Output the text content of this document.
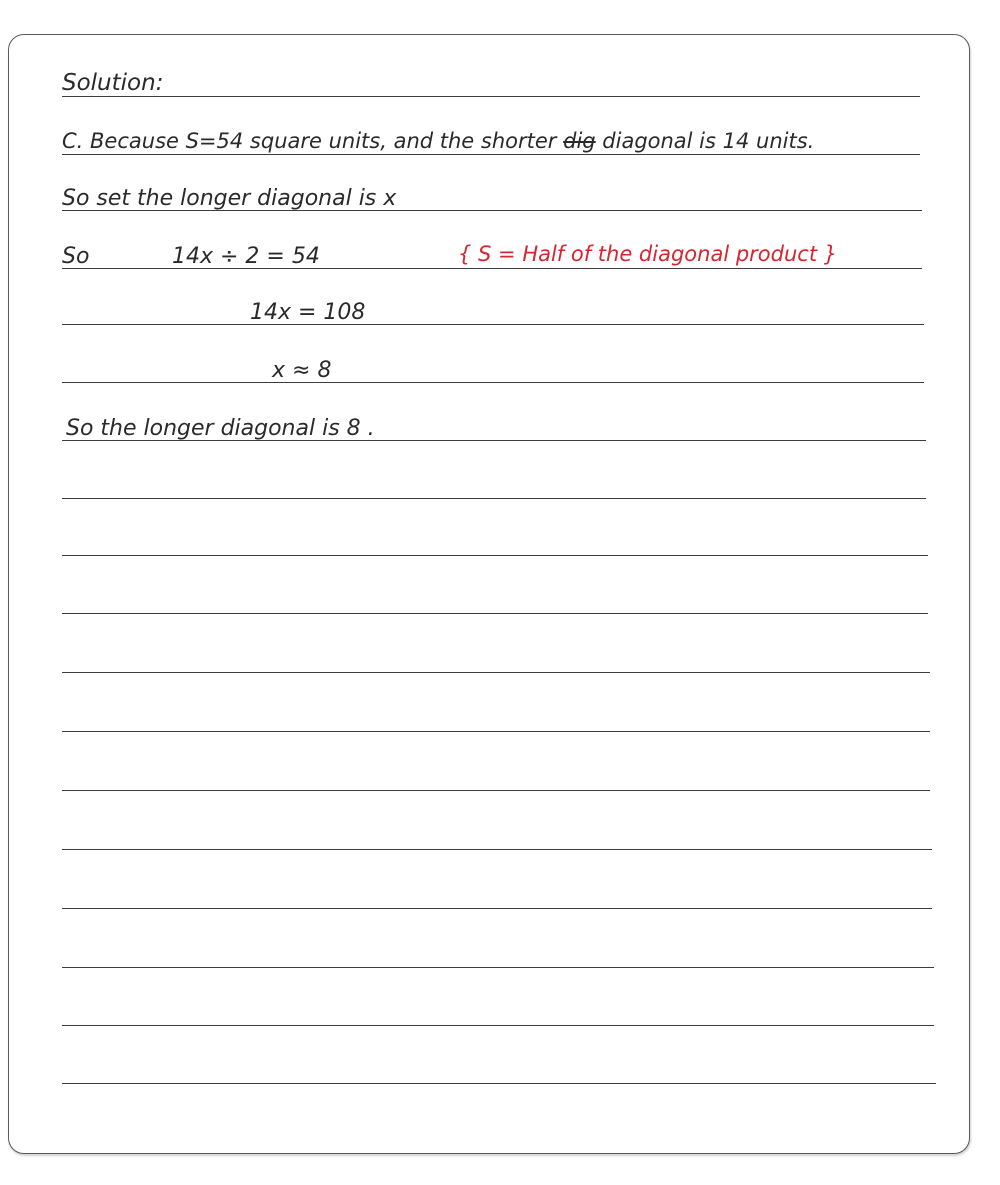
Solution:
C. Because S=54 square units, and the shorter dig diagonal is 14 units.
So set the longer diagonal is x
So	14x ÷ 2 = 54	{ S = Half of the diagonal product }
14x = 108
x ≈ 8
So the longer diagonal is 8 .
